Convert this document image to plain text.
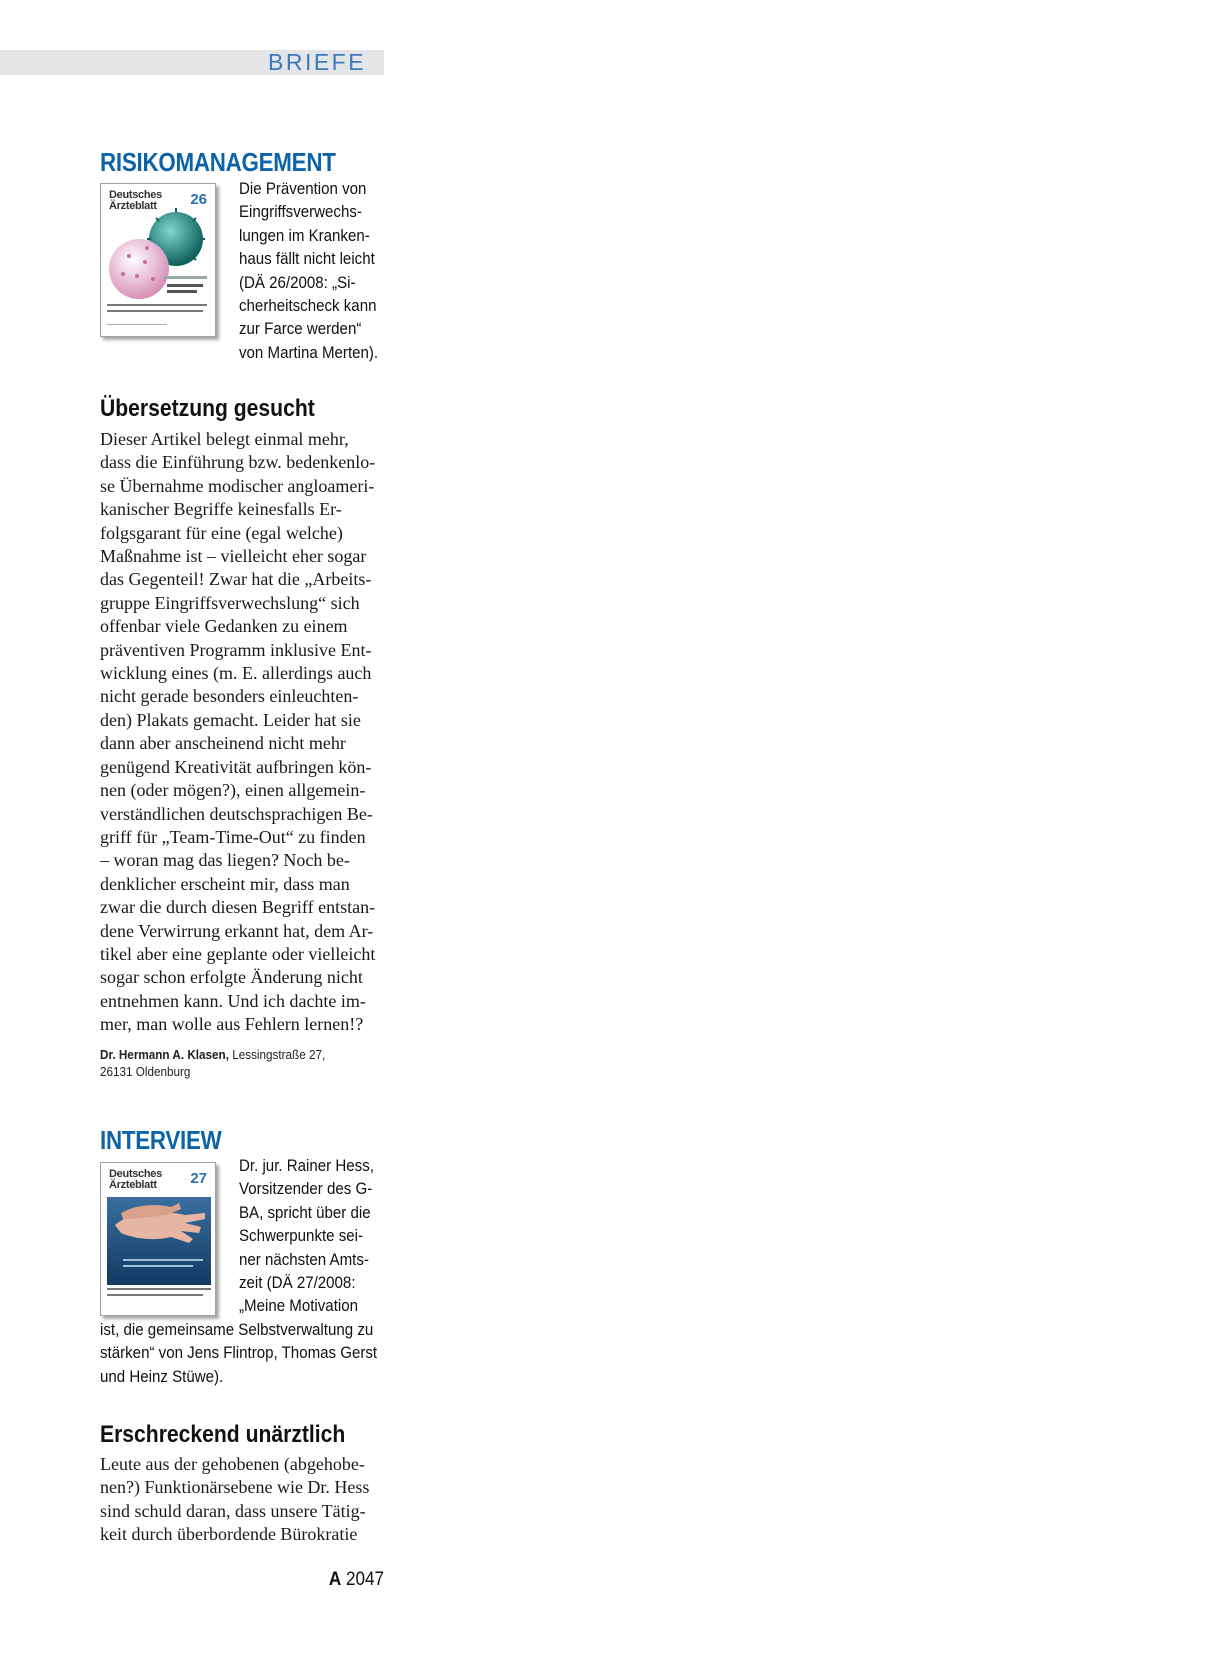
BRIEFE
RISIKOMANAGEMENT
Deutsches
Ärzteblatt	26
Die Prävention von
Eingriffsverwechs-
lungen im Kranken-
haus fällt nicht leicht
(DÄ 26/2008: „Si-
cherheitscheck kann
zur Farce werden“
von Martina Merten).
Übersetzung gesucht
Dieser Artikel belegt einmal mehr,
dass die Einführung bzw. bedenkenlo-
se Übernahme modischer angloameri-
kanischer Begriffe keinesfalls Er-
folgsgarant für eine (egal welche)
Maßnahme ist – vielleicht eher sogar
das Gegenteil! Zwar hat die „Arbeits-
gruppe Eingriffsverwechslung“ sich
offenbar viele Gedanken zu einem
präventiven Programm inklusive Ent-
wicklung eines (m. E. allerdings auch
nicht gerade besonders einleuchten-
den) Plakats gemacht. Leider hat sie
dann aber anscheinend nicht mehr
genügend Kreativität aufbringen kön-
nen (oder mögen?), einen allgemein-
verständlichen deutschsprachigen Be-
griff für „Team-Time-Out“ zu finden
– woran mag das liegen? Noch be-
denklicher erscheint mir, dass man
zwar die durch diesen Begriff entstan-
dene Verwirrung erkannt hat, dem Ar-
tikel aber eine geplante oder vielleicht
sogar schon erfolgte Änderung nicht
entnehmen kann. Und ich dachte im-
mer, man wolle aus Fehlern lernen!?
Dr. Hermann A. Klasen, Lessingstraße 27,
26131 Oldenburg
INTERVIEW
Deutsches
Ärzteblatt	27
Dr. jur. Rainer Hess,
Vorsitzender des G-
BA, spricht über die
Schwerpunkte sei-
ner nächsten Amts-
zeit (DÄ 27/2008:
„Meine Motivation
ist, die gemeinsame Selbstverwaltung zu
stärken“ von Jens Flintrop, Thomas Gerst
und Heinz Stüwe).
Erschreckend unärztlich
Leute aus der gehobenen (abgehobe-
nen?) Funktionärsebene wie Dr. Hess
sind schuld daran, dass unsere Tätig-
keit durch überbordende Bürokratie
A 2047
